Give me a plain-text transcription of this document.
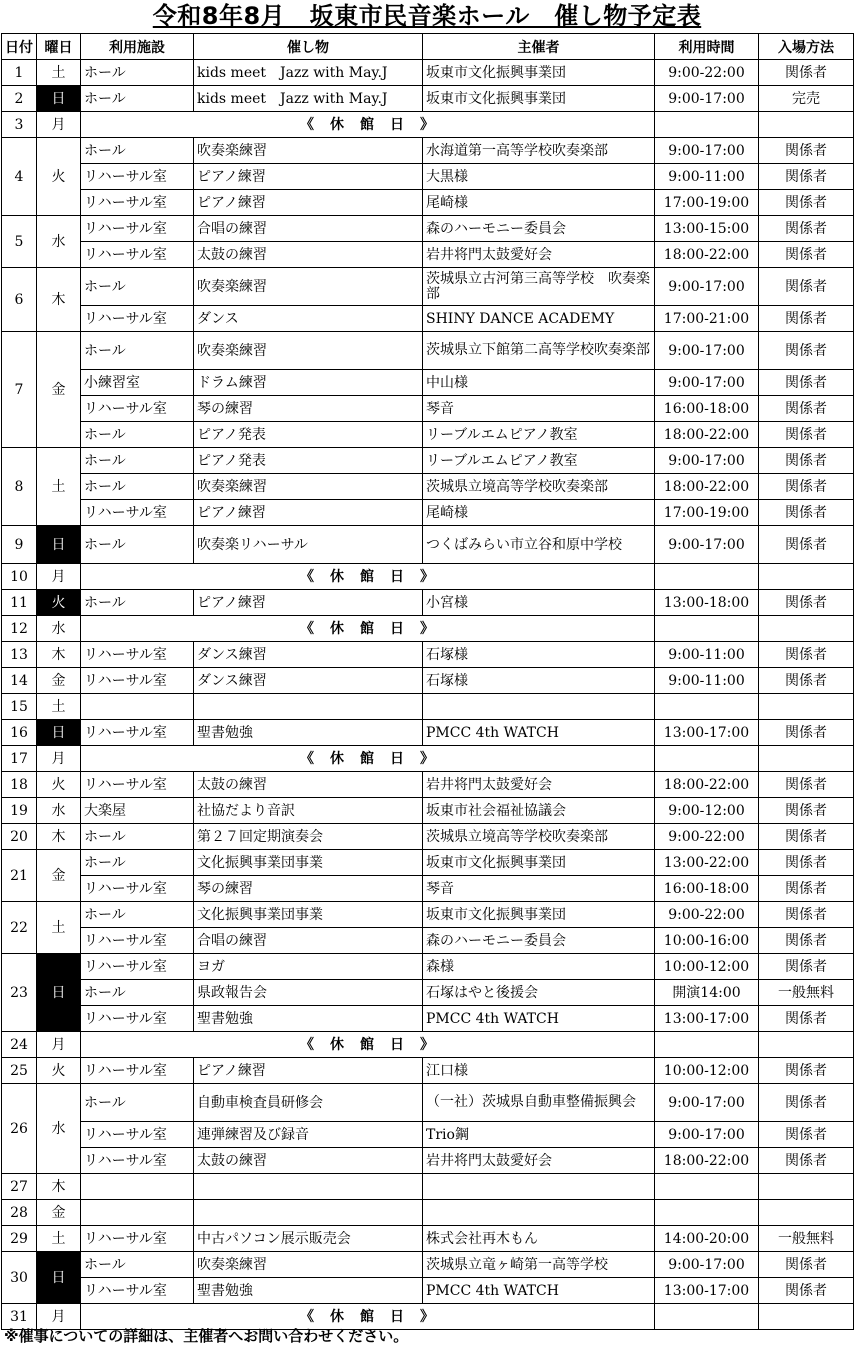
令和8年8月　坂東市民音楽ホール　催し物予定表
日付	曜日	利用施設	催し物	主催者	利用時間	入場方法
1	土	ホール	kids meet　Jazz with May.J	坂東市文化振興事業団	9:00-22:00	関係者
2	日	ホール	kids meet　Jazz with May.J	坂東市文化振興事業団	9:00-17:00	完売
3	月	《　休　館　日　》				
4	火	ホール	吹奏楽練習	水海道第一高等学校吹奏楽部	9:00-17:00	関係者
		リハーサル室	ピアノ練習	大黒様	9:00-11:00	関係者
		リハーサル室	ピアノ練習	尾崎様	17:00-19:00	関係者
5	水	リハーサル室	合唱の練習	森のハーモニー委員会	13:00-15:00	関係者
		リハーサル室	太鼓の練習	岩井将門太鼓愛好会	18:00-22:00	関係者
6	木	ホール	吹奏楽練習	茨城県立古河第三高等学校　吹奏楽部	9:00-17:00	関係者
		リハーサル室	ダンス	SHINY DANCE ACADEMY	17:00-21:00	関係者
7	金	ホール	吹奏楽練習	茨城県立下館第二高等学校吹奏楽部	9:00-17:00	関係者
		小練習室	ドラム練習	中山様	9:00-17:00	関係者
		リハーサル室	琴の練習	琴音	16:00-18:00	関係者
		ホール	ピアノ発表	リーブルエムピアノ教室	18:00-22:00	関係者
8	土	ホール	ピアノ発表	リーブルエムピアノ教室	9:00-17:00	関係者
		ホール	吹奏楽練習	茨城県立境高等学校吹奏楽部	18:00-22:00	関係者
		リハーサル室	ピアノ練習	尾崎様	17:00-19:00	関係者
9	日	ホール	吹奏楽リハーサル	つくばみらい市立谷和原中学校	9:00-17:00	関係者
10	月	《　休　館　日　》				
11	火	ホール	ピアノ練習	小宮様	13:00-18:00	関係者
12	水	《　休　館　日　》				
13	木	リハーサル室	ダンス練習	石塚様	9:00-11:00	関係者
14	金	リハーサル室	ダンス練習	石塚様	9:00-11:00	関係者
15	土					
16	日	リハーサル室	聖書勉強	PMCC 4th WATCH	13:00-17:00	関係者
17	月	《　休　館　日　》				
18	火	リハーサル室	太鼓の練習	岩井将門太鼓愛好会	18:00-22:00	関係者
19	水	大楽屋	社協だより音訳	坂東市社会福祉協議会	9:00-12:00	関係者
20	木	ホール	第２７回定期演奏会	茨城県立境高等学校吹奏楽部	9:00-22:00	関係者
21	金	ホール	文化振興事業団事業	坂東市文化振興事業団	13:00-22:00	関係者
		リハーサル室	琴の練習	琴音	16:00-18:00	関係者
22	土	ホール	文化振興事業団事業	坂東市文化振興事業団	9:00-22:00	関係者
		リハーサル室	合唱の練習	森のハーモニー委員会	10:00-16:00	関係者
23	日	リハーサル室	ヨガ	森様	10:00-12:00	関係者
		ホール	県政報告会	石塚はやと後援会	開演14:00	一般無料
		リハーサル室	聖書勉強	PMCC 4th WATCH	13:00-17:00	関係者
24	月	《　休　館　日　》				
25	火	リハーサル室	ピアノ練習	江口様	10:00-12:00	関係者
26	水	ホール	自動車検査員研修会	（一社）茨城県自動車整備振興会	9:00-17:00	関係者
		リハーサル室	連弾練習及び録音	Trio鋼	9:00-17:00	関係者
		リハーサル室	太鼓の練習	岩井将門太鼓愛好会	18:00-22:00	関係者
27	木					
28	金					
29	土	リハーサル室	中古パソコン展示販売会	株式会社再木もん	14:00-20:00	一般無料
30	日	ホール	吹奏楽練習	茨城県立竜ヶ崎第一高等学校	9:00-17:00	関係者
		リハーサル室	聖書勉強	PMCC 4th WATCH	13:00-17:00	関係者
31	月	《　休　館　日　》				
※催事についての詳細は、主催者へお問い合わせください。
